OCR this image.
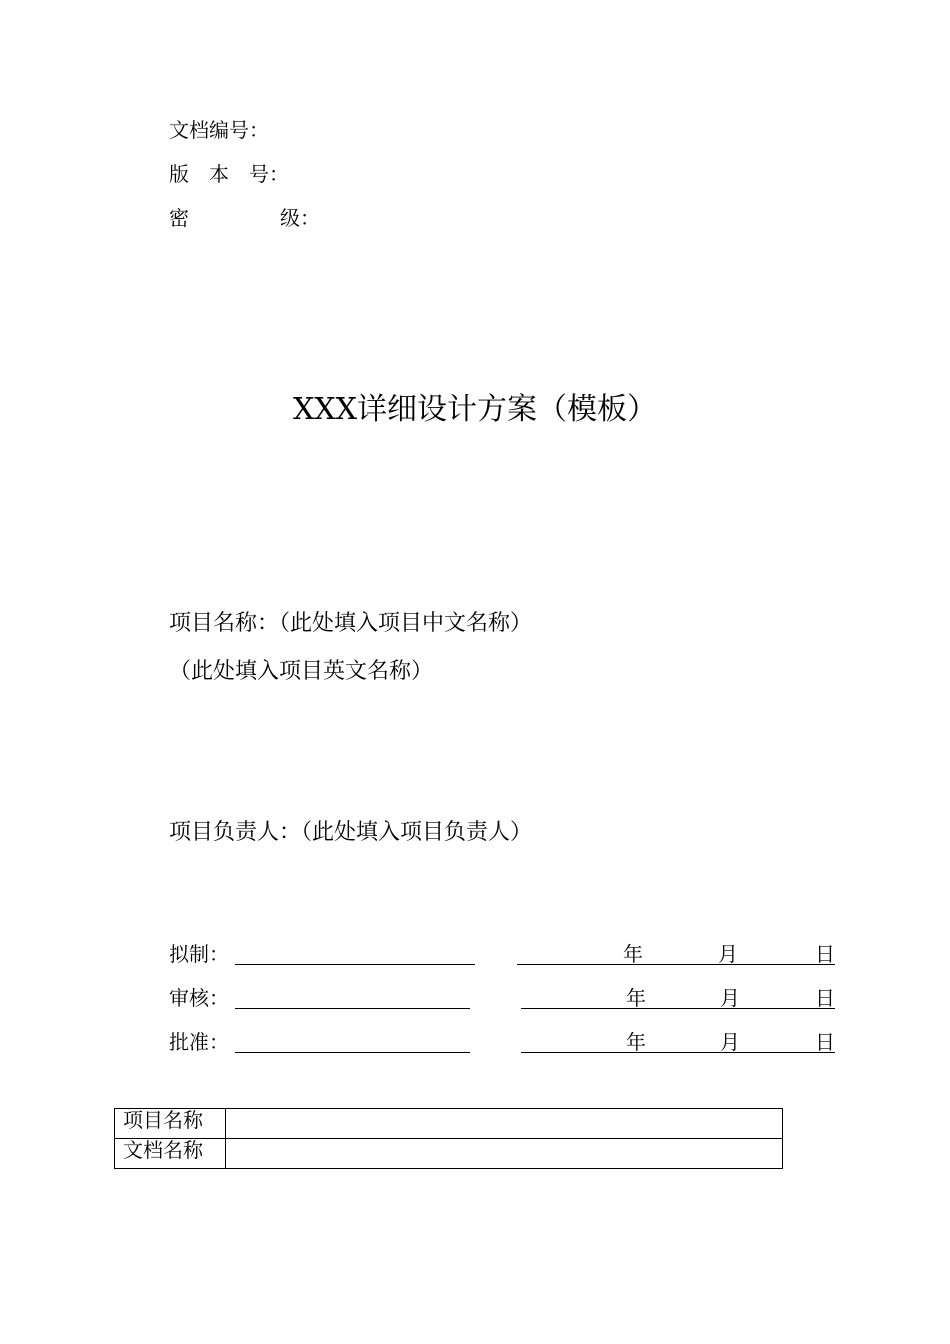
文档编号：
版　本　号：
密	级：
XXX详细设计方案（模板）
项目名称：（此处填入项目中文名称）
（此处填入项目英文名称）
项目负责人：（此处填入项目负责人）
拟制：	年	月	日
审核：	年	月	日
批准：	年	月	日
项目名称	
文档名称	
